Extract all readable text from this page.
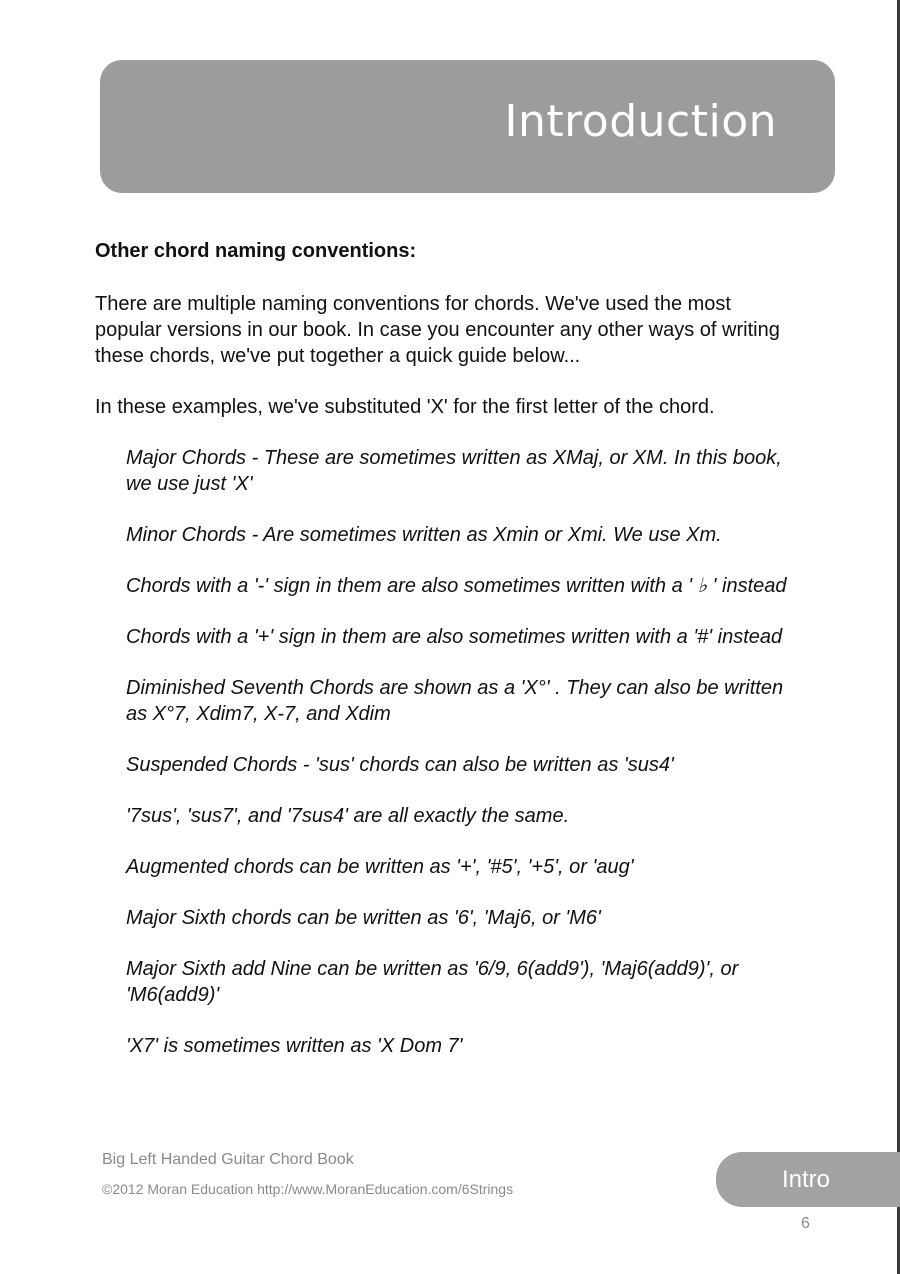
Introduction
Other chord naming conventions:
There are multiple naming conventions for chords. We've used the most popular versions in our book. In case you encounter any other ways of writing these chords, we've put together a quick guide below...
In these examples, we've substituted 'X' for the first letter of the chord.
Major Chords - These are sometimes written as XMaj, or XM. In this book, we use just 'X'
Minor Chords - Are sometimes written as Xmin or Xmi. We use Xm.
Chords with a '-' sign in them are also sometimes written with a ' ♭ ' instead
Chords with a '+' sign in them are also sometimes written with a '#' instead
Diminished Seventh Chords are shown as a 'X°' . They can also be written as X°7, Xdim7, X-7, and Xdim
Suspended Chords - 'sus' chords can also be written as 'sus4'
'7sus', 'sus7', and '7sus4' are all exactly the same.
Augmented chords can be written as '+', '#5', '+5', or 'aug'
Major Sixth chords can be written as '6', 'Maj6, or 'M6'
Major Sixth add Nine can be written as '6/9, 6(add9'), 'Maj6(add9)', or 'M6(add9)'
'X7' is sometimes written as 'X Dom 7'
Big Left Handed Guitar Chord Book
©2012 Moran Education http://www.MoranEducation.com/6Strings	Intro
6
